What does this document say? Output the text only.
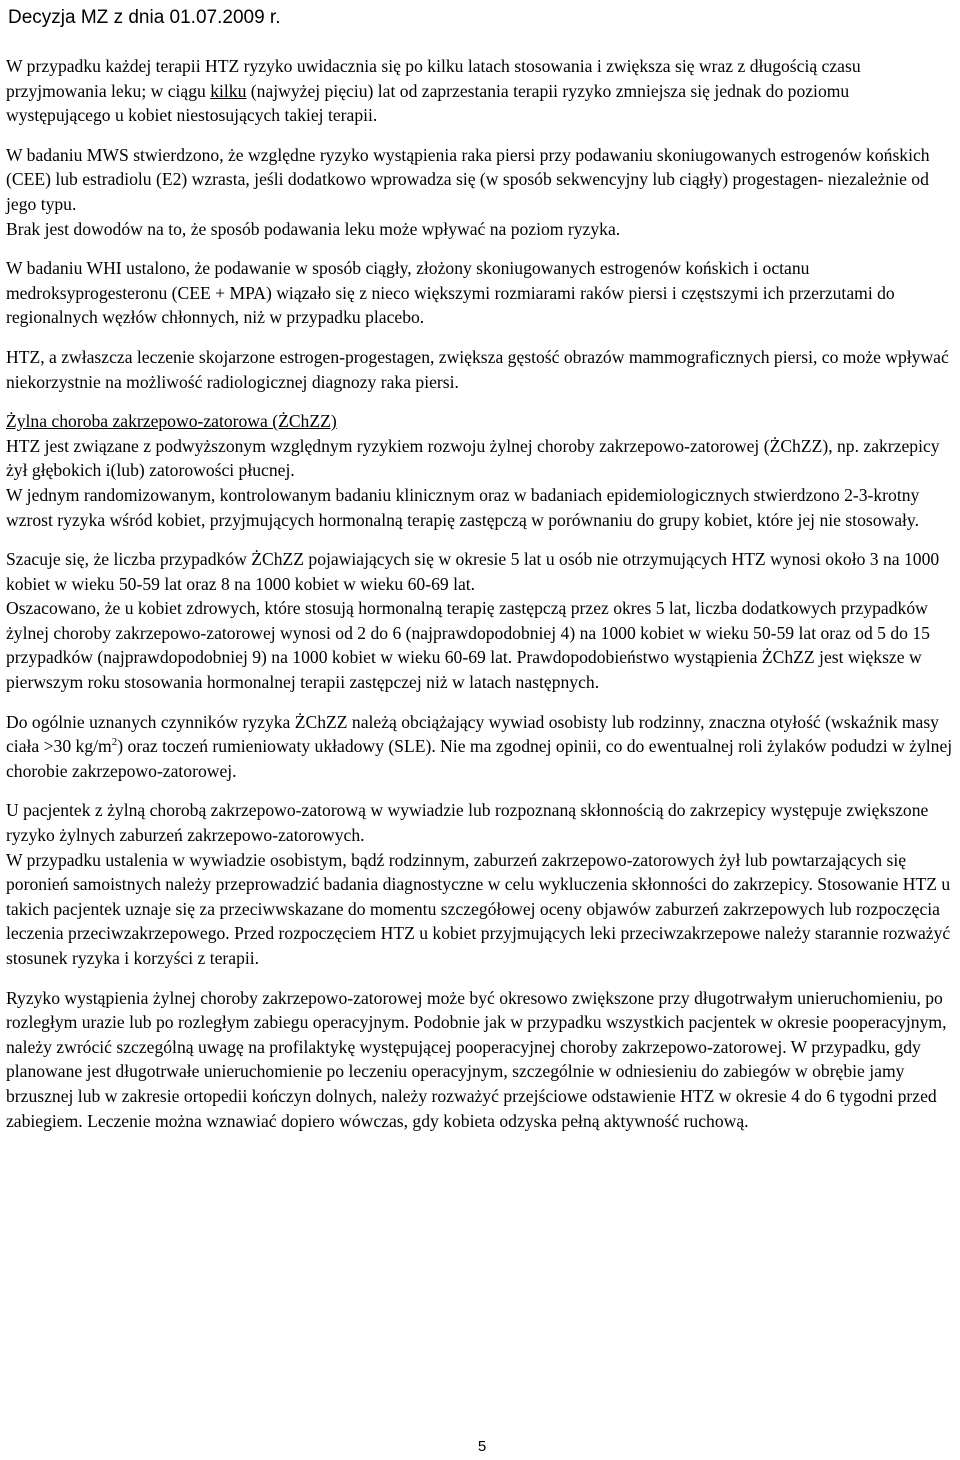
Decyzja MZ z dnia 01.07.2009 r.

W przypadku każdej terapii HTZ ryzyko uwidacznia się po kilku latach stosowania i zwiększa się wraz z długością czasu przyjmowania leku; w ciągu kilku (najwyżej pięciu) lat od zaprzestania terapii ryzyko zmniejsza się jednak do poziomu występującego u kobiet niestosujących takiej terapii.

W badaniu MWS stwierdzono, że względne ryzyko wystąpienia raka piersi przy podawaniu skoniugowanych estrogenów końskich (CEE) lub estradiolu (E2) wzrasta, jeśli dodatkowo wprowadza się (w sposób sekwencyjny lub ciągły) progestagen- niezależnie od jego typu.

Brak jest dowodów na to, że sposób podawania leku może wpływać na poziom ryzyka.

W badaniu WHI ustalono, że podawanie w sposób ciągły, złożony skoniugowanych estrogenów końskich i octanu medroksyprogesteronu (CEE + MPA) wiązało się z nieco większymi rozmiarami raków piersi i częstszymi ich przerzutami do regionalnych węzłów chłonnych, niż w przypadku placebo.

HTZ, a zwłaszcza leczenie skojarzone estrogen-progestagen, zwiększa gęstość obrazów mammograficznych piersi, co może wpływać niekorzystnie na możliwość radiologicznej diagnozy raka piersi.

Żylna choroba zakrzepowo-zatorowa (ŻChZZ)

HTZ jest związane z podwyższonym względnym ryzykiem rozwoju żylnej choroby zakrzepowo-zatorowej (ŻChZZ), np. zakrzepicy żył głębokich i(lub) zatorowości płucnej.

W jednym randomizowanym, kontrolowanym badaniu klinicznym oraz w badaniach epidemiologicznych stwierdzono 2-3-krotny wzrost ryzyka wśród kobiet, przyjmujących hormonalną terapię zastępczą w porównaniu do grupy kobiet, które jej nie stosowały.

Szacuje się, że liczba przypadków ŻChZZ pojawiających się w okresie 5 lat u osób nie otrzymujących HTZ wynosi około 3 na 1000 kobiet w wieku 50-59 lat oraz 8 na 1000 kobiet w wieku 60-69 lat.

Oszacowano, że u kobiet zdrowych, które stosują hormonalną terapię zastępczą przez okres 5 lat, liczba dodatkowych przypadków żylnej choroby zakrzepowo-zatorowej wynosi od 2 do 6 (najprawdopodobniej 4) na 1000 kobiet w wieku 50-59 lat oraz od 5 do 15 przypadków (najprawdopodobniej 9) na 1000 kobiet w wieku 60-69 lat. Prawdopodobieństwo wystąpienia ŻChZZ jest większe w pierwszym roku stosowania hormonalnej terapii zastępczej niż w latach następnych.

Do ogólnie uznanych czynników ryzyka ŻChZZ należą obciążający wywiad osobisty lub rodzinny, znaczna otyłość (wskaźnik masy ciała >30 $kg/m^2$) oraz toczeń rumieniowaty układowy (SLE). Nie ma zgodnej opinii, co do ewentualnej roli żylaków podudzi w żylnej chorobie zakrzepowo-zatorowej.

U pacjentek z żylną chorobą zakrzepowo-zatorową w wywiadzie lub rozpoznaną skłonnością do zakrzepicy występuje zwiększone ryzyko żylnych zaburzeń zakrzepowo-zatorowych.

W przypadku ustalenia w wywiadzie osobistym, bądź rodzinnym, zaburzeń zakrzepowo-zatorowych żył lub powtarzających się poronień samoistnych należy przeprowadzić badania diagnostyczne w celu wykluczenia skłonności do zakrzepicy. Stosowanie HTZ u takich pacjentek uznaje się za przeciwwskazane do momentu szczegółowej oceny objawów zaburzeń zakrzepowych lub rozpoczęcia leczenia przeciwzakrzepowego. Przed rozpoczęciem HTZ u kobiet przyjmujących leki przeciwzakrzepowe należy starannie rozważyć stosunek ryzyka i korzyści z terapii.

Ryzyko wystąpienia żylnej choroby zakrzepowo-zatorowej może być okresowo zwiększone przy długotrwałym unieruchomieniu, po rozległym urazie lub po rozległym zabiegu operacyjnym. Podobnie jak w przypadku wszystkich pacjentek w okresie pooperacyjnym, należy zwrócić szczególną uwagę na profilaktykę występującej pooperacyjnej choroby zakrzepowo-zatorowej. W przypadku, gdy planowane jest długotrwałe unieruchomienie po leczeniu operacyjnym, szczególnie w odniesieniu do zabiegów w obrębie jamy brzusznej lub w zakresie ortopedii kończyn dolnych, należy rozważyć przejściowe odstawienie HTZ w okresie 4 do 6 tygodni przed zabiegiem. Leczenie można wznawiać dopiero wówczas, gdy kobieta odzyska pełną aktywność ruchową.

5
